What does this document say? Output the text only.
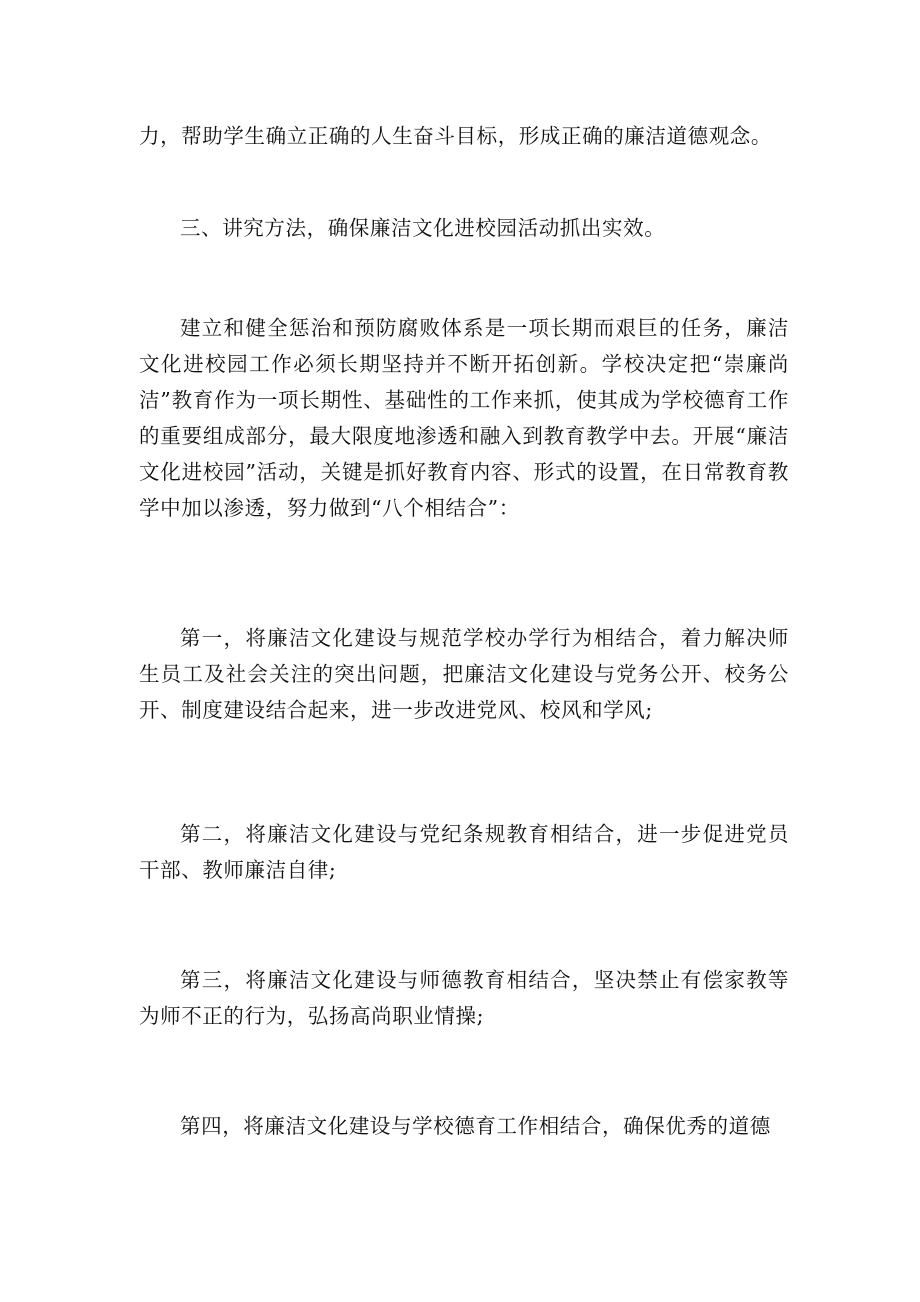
力，帮助学生确立正确的人生奋斗目标，形成正确的廉洁道德观念。

三、讲究方法，确保廉洁文化进校园活动抓出实效。

建立和健全惩治和预防腐败体系是一项长期而艰巨的任务，廉洁文化进校园工作必须长期坚持并不断开拓创新。学校决定把“崇廉尚洁”教育作为一项长期性、基础性的工作来抓，使其成为学校德育工作的重要组成部分，最大限度地渗透和融入到教育教学中去。开展“廉洁文化进校园”活动，关键是抓好教育内容、形式的设置，在日常教育教学中加以渗透，努力做到“八个相结合”：

第一，将廉洁文化建设与规范学校办学行为相结合，着力解决师生员工及社会关注的突出问题，把廉洁文化建设与党务公开、校务公开、制度建设结合起来，进一步改进党风、校风和学风;

第二，将廉洁文化建设与党纪条规教育相结合，进一步促进党员干部、教师廉洁自律;

第三，将廉洁文化建设与师德教育相结合，坚决禁止有偿家教等为师不正的行为，弘扬高尚职业情操;

第四，将廉洁文化建设与学校德育工作相结合，确保优秀的道德
